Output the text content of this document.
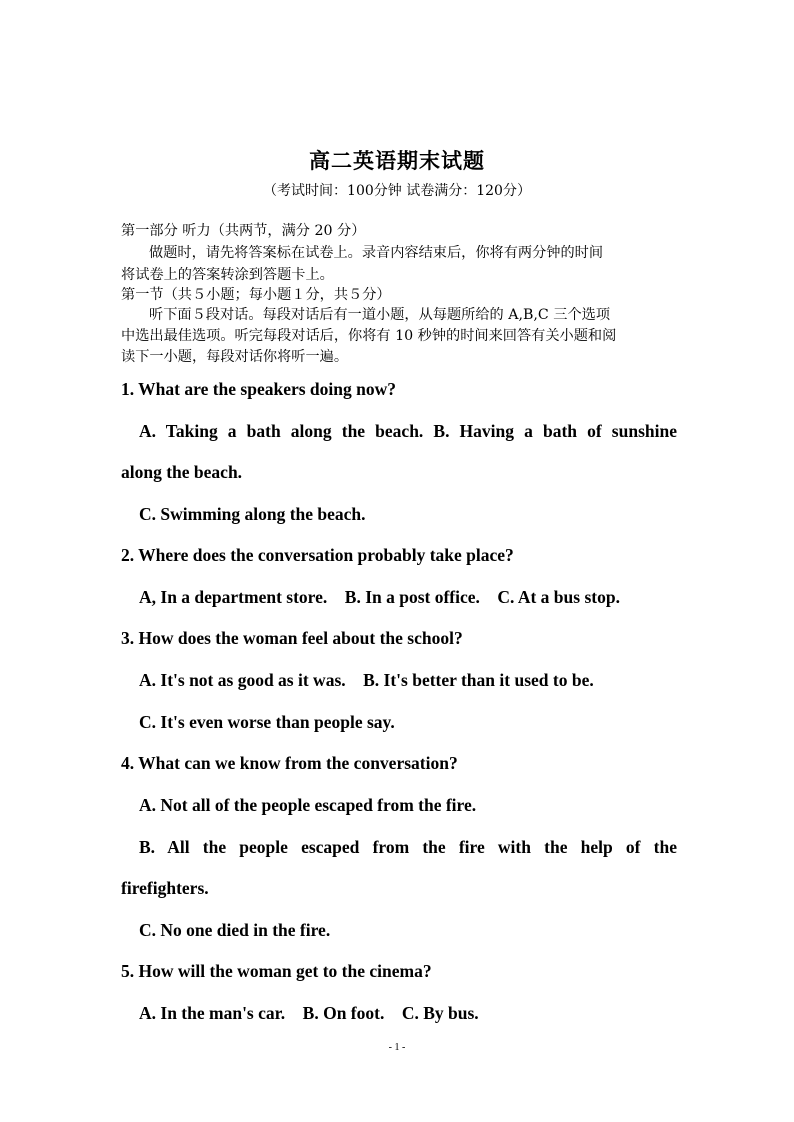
高二英语期末试题
（考试时间：100分钟 试卷满分：120分）
第一部分 听力（共两节，满分 20 分）
做题时，请先将答案标在试卷上。录音内容结束后，你将有两分钟的时间
将试卷上的答案转涂到答题卡上。
第一节（共５小题；每小题１分，共５分）
听下面５段对话。每段对话后有一道小题，从每题所给的 A,B,C 三个选项
中选出最佳选项。听完每段对话后，你将有 10 秒钟的时间来回答有关小题和阅
读下一小题，每段对话你将听一遍。
1. What are the speakers doing now?
A. Taking a bath along the beach. B. Having a bath of sunshine
along the beach.
C. Swimming along the beach.
2. Where does the conversation probably take place?
A, In a department store.    B. In a post office.    C. At a bus stop.
3. How does the woman feel about the school?
A. It's not as good as it was.    B. It's better than it used to be.
C. It's even worse than people say.
4. What can we know from the conversation?
A. Not all of the people escaped from the fire.
B. All the people escaped from the fire with the help of the
firefighters.
C. No one died in the fire.
5. How will the woman get to the cinema?
A. In the man's car.    B. On foot.    C. By bus.
- 1 -
